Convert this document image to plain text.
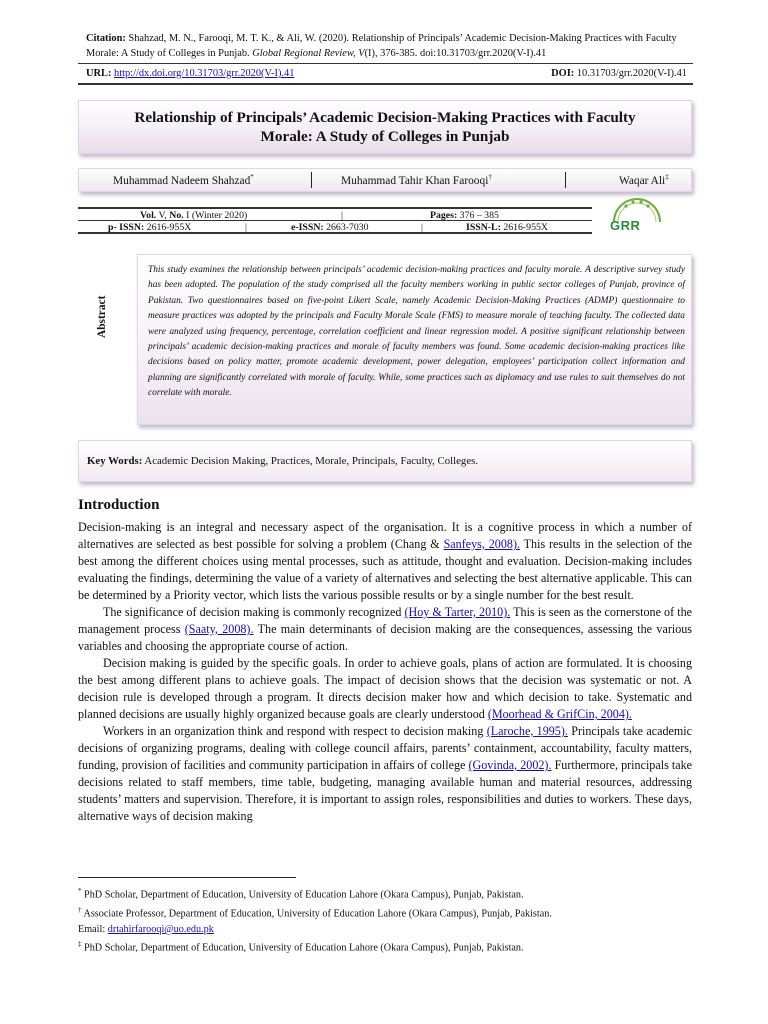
Citation: Shahzad, M. N., Farooqi, M. T. K., & Ali, W. (2020). Relationship of Principals’ Academic Decision-Making Practices with Faculty Morale: A Study of Colleges in Punjab. Global Regional Review, V(I), 376-385. doi:10.31703/grr.2020(V-I).41
URL: http://dx.doi.org/10.31703/grr.2020(V-I).41	DOI: 10.31703/grr.2020(V-I).41
Relationship of Principals’ Academic Decision-Making Practices with Faculty
Morale: A Study of Colleges in Punjab
Muhammad Nadeem Shahzad*	Muhammad Tahir Khan Farooqi†	Waqar Ali‡
Vol. V, No. I (Winter 2020)	|	Pages: 376 – 385
p- ISSN: 2616-955X	|	e-ISSN: 2663-7030	|	ISSN-L: 2616-955X	GRR
Abstract
This study examines the relationship between principals’ academic decision-making practices and faculty morale. A descriptive survey study has been adopted. The population of the study comprised all the faculty members working in public sector colleges of Punjab, province of Pakistan. Two questionnaires based on five-point Likert Scale, namely Academic Decision-Making Practices (ADMP) questionnaire to measure practices was adopted by the principals and Faculty Morale Scale (FMS) to measure morale of teaching faculty. The collected data were analyzed using frequency, percentage, correlation coefficient and linear regression model. A positive significant relationship between principals’ academic decision-making practices and morale of faculty members was found. Some academic decision-making practices like decisions based on policy matter, promote academic development, power delegation, employees’ participation collect information and planning are significantly correlated with morale of faculty. While, some practices such as diplomacy and use rules to suit themselves do not correlate with morale.
Key Words: Academic Decision Making, Practices, Morale, Principals, Faculty, Colleges.
Introduction

Decision-making is an integral and necessary aspect of the organisation. It is a cognitive process in which a number of alternatives are selected as best possible for solving a problem (Chang & Sanfeys, 2008). This results in the selection of the best among the different choices using mental processes, such as attitude, thought and evaluation. Decision-making includes evaluating the findings, determining the value of a variety of alternatives and selecting the best alternative applicable. This can be determined by a Priority vector, which lists the various possible results or by a single number for the best result.

The significance of decision making is commonly recognized (Hoy & Tarter, 2010). This is seen as the cornerstone of the management process (Saaty, 2008). The main determinants of decision making are the consequences, assessing the various variables and choosing the appropriate course of action.

Decision making is guided by the specific goals. In order to achieve goals, plans of action are formulated. It is choosing the best among different plans to achieve goals. The impact of decision shows that the decision was systematic or not. A decision rule is developed through a program. It directs decision maker how and which decision to take. Systematic and planned decisions are usually highly organized because goals are clearly understood (Moorhead & GrifCin, 2004).

Workers in an organization think and respond with respect to decision making (Laroche, 1995). Principals take academic decisions of organizing programs, dealing with college council affairs, parents’ containment, accountability, faculty matters, funding, provision of facilities and community participation in affairs of college (Govinda, 2002). Furthermore, principals take decisions related to staff members, time table, budgeting, managing available human and material resources, addressing students’ matters and supervision. Therefore, it is important to assign roles, responsibilities and duties to workers. These days, alternative ways of decision making

* PhD Scholar, Department of Education, University of Education Lahore (Okara Campus), Punjab, Pakistan.
† Associate Professor, Department of Education, University of Education Lahore (Okara Campus), Punjab, Pakistan.
Email: drtahirfarooqi@uo.edu.pk
‡ PhD Scholar, Department of Education, University of Education Lahore (Okara Campus), Punjab, Pakistan.
